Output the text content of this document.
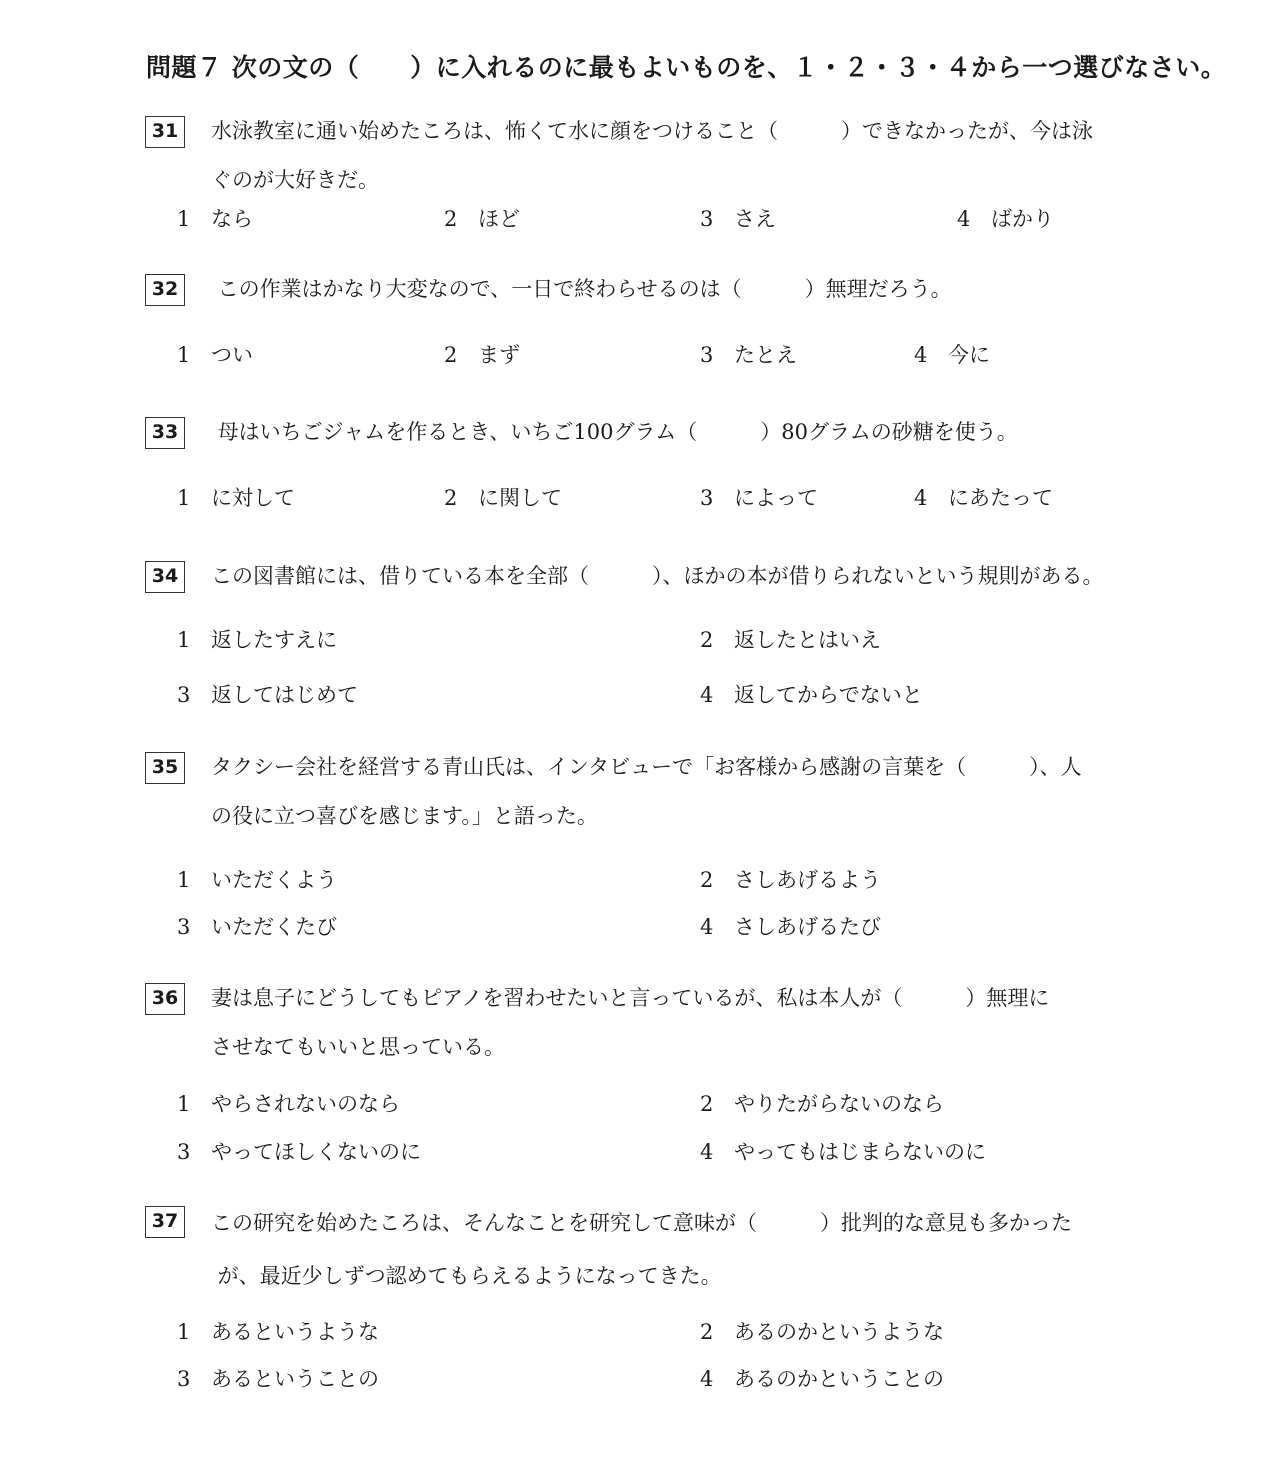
問題７ 次の文の（　　）に入れるのに最もよいものを、１・２・３・４から一つ選びなさい。
31	水泳教室に通い始めたころは、怖くて水に顔をつけること（　　　）できなかったが、今は泳
ぐのが大好きだ。
1 なら	2 ほど	3 さえ	4 ばかり
32	この作業はかなり大変なので、一日で終わらせるのは（　　　）無理だろう。
1 つい	2 まず	3 たとえ	4 今に
33	母はいちごジャムを作るとき、いちご100グラム（　　　）80グラムの砂糖を使う。
1 に対して	2 に関して	3 によって	4 にあたって
34	この図書館には、借りている本を全部（　　　）、ほかの本が借りられないという規則がある。
1 返したすえに	2 返したとはいえ
3 返してはじめて	4 返してからでないと
35	タクシー会社を経営する青山氏は、インタビューで「お客様から感謝の言葉を（　　　）、人
の役に立つ喜びを感じます。」と語った。
1 いただくよう	2 さしあげるよう
3 いただくたび	4 さしあげるたび
36	妻は息子にどうしてもピアノを習わせたいと言っているが、私は本人が（　　　）無理に
させなてもいいと思っている。
1 やらされないのなら	2 やりたがらないのなら
3 やってほしくないのに	4 やってもはじまらないのに
37	この研究を始めたころは、そんなことを研究して意味が（　　　）批判的な意見も多かった
が、最近少しずつ認めてもらえるようになってきた。
1 あるというような	2 あるのかというような
3 あるということの	4 あるのかということの
